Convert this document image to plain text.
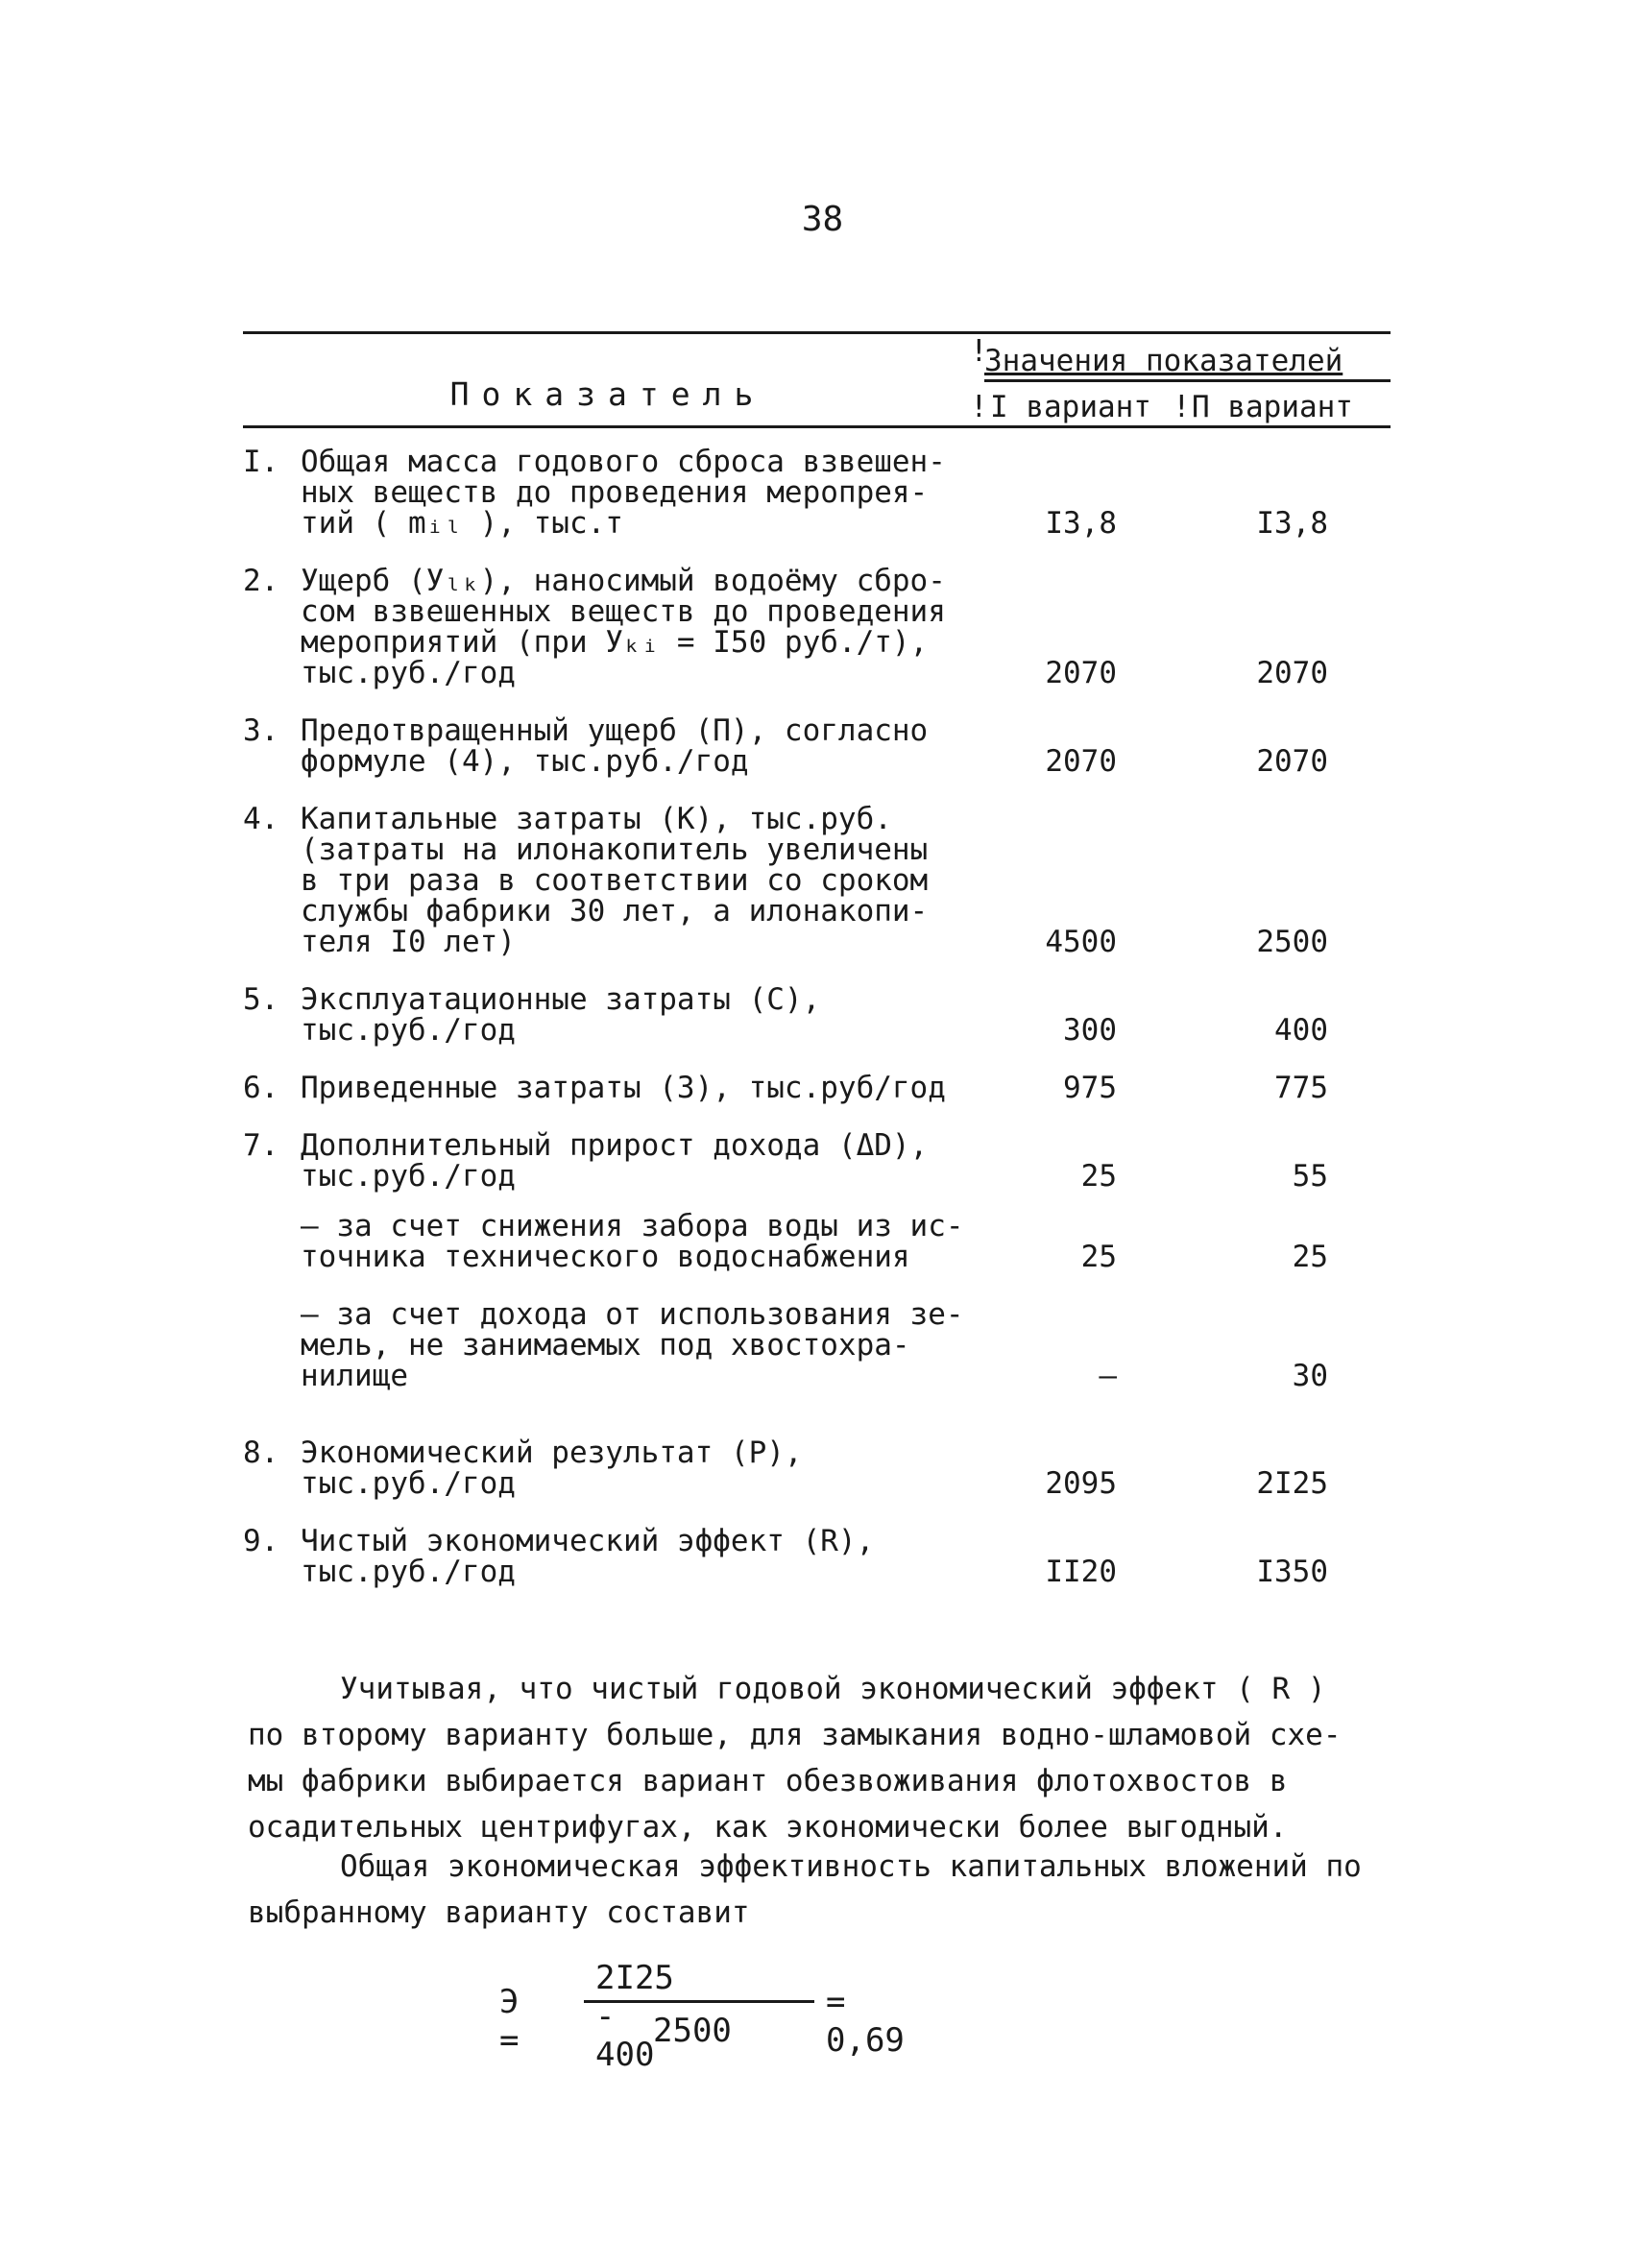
38
!
Значения показателей
Показатель	! I вариант ! П вариант
I. Общая масса годового сброса взвешен-
ных веществ до проведения меропрея-
тий ( mᵢₗ ), тыс.т	I3,8	I3,8
2. Ущерб (Уₗₖ), наносимый водоёму сбро-
сом взвешенных веществ до проведения
мероприятий (при Уₖᵢ = I50 руб./т),
тыс.руб./год	2070	2070
3. Предотвращенный ущерб (П), согласно
формуле (4), тыс.руб./год	2070	2070
4. Капитальные затраты (К), тыс.руб.
(затраты на илонакопитель увеличены
в три раза в соответствии со сроком
службы фабрики 30 лет, а илонакопи-
теля I0 лет)	4500	2500
5. Эксплуатационные затраты (С),
тыс.руб./год	300	400
6. Приведенные затраты (З), тыс.руб/год	975	775
7. Дополнительный прирост дохода (ΔD),
тыс.руб./год	25	55
– за счет снижения забора воды из ис-
точника технического водоснабжения	25	25
– за счет дохода от использования зе-
мель, не занимаемых под хвостохра-
нилище	–	30
8. Экономический результат (Р),
тыс.руб./год	2095	2I25
9. Чистый экономический эффект (R),
тыс.руб./год	II20	I350
Учитывая, что чистый годовой экономический эффект ( R )
по второму варианту больше, для замыкания водно-шламовой схе-
мы фабрики выбирается вариант обезвоживания флотохвостов в
осадительных центрифугах, как экономически более выгодный.
Общая экономическая эффективность капитальных вложений по
выбранному варианту составит
Э =
2I25 - 400
2500
= 0,69
